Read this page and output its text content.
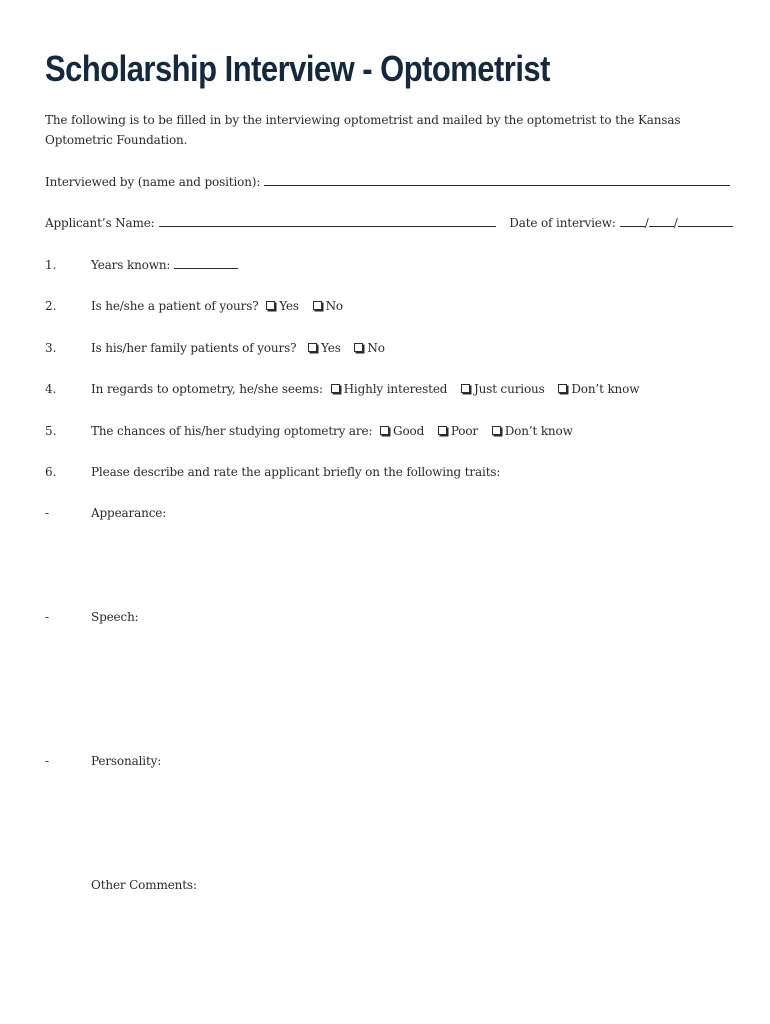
Scholarship Interview - Optometrist

The following is to be filled in by the interviewing optometrist and mailed by the optometrist to the Kansas Optometric Foundation.

Interviewed by (name and position):
Applicant’s Name:	Date of interview: / /
1.	Years known:
2.	Is he/she a patient of yours? Yes No
3.	Is his/her family patients of yours? Yes No
4.	In regards to optometry, he/she seems: Highly interested Just curious Don’t know
5.	The chances of his/her studying optometry are: Good Poor Don’t know
6.	Please describe and rate the applicant briefly on the following traits:
-	Appearance:
-	Speech:
-	Personality:
Other Comments:
